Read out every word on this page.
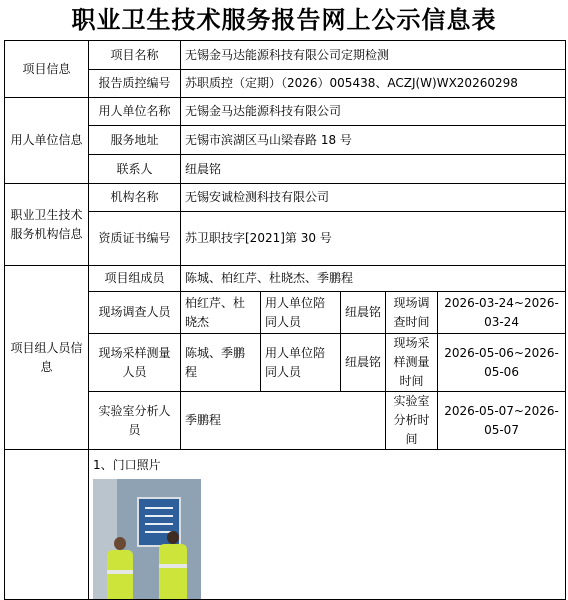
职业卫生技术服务报告网上公示信息表
项目信息	项目名称	无锡金马达能源科技有限公司定期检测				
	报告质控编号	苏职质控（定期）（2026）005438、ACZJ(W)WX20260298				
用人单位信息	用人单位名称	无锡金马达能源科技有限公司				
	服务地址	无锡市滨湖区马山梁春路 18 号				
	联系人	纽晨铭				
职业卫生技术服务机构信息	机构名称	无锡安诚检测科技有限公司				
	资质证书编号	苏卫职技字[2021]第 30 号				
项目组人员信息	项目组成员	陈城、柏红芹、杜晓杰、季鹏程				
	现场调查人员	柏红芹、杜晓杰	用人单位陪同人员	纽晨铭	现场调查时间	2026-03-24~2026-03-24
	现场采样测量人员	陈城、季鹏程	用人单位陪同人员	纽晨铭	现场采样测量时间	2026-05-06~2026-05-06
	实验室分析人员	季鹏程			实验室分析时间	2026-05-07~2026-05-07

	1、门口照片					
